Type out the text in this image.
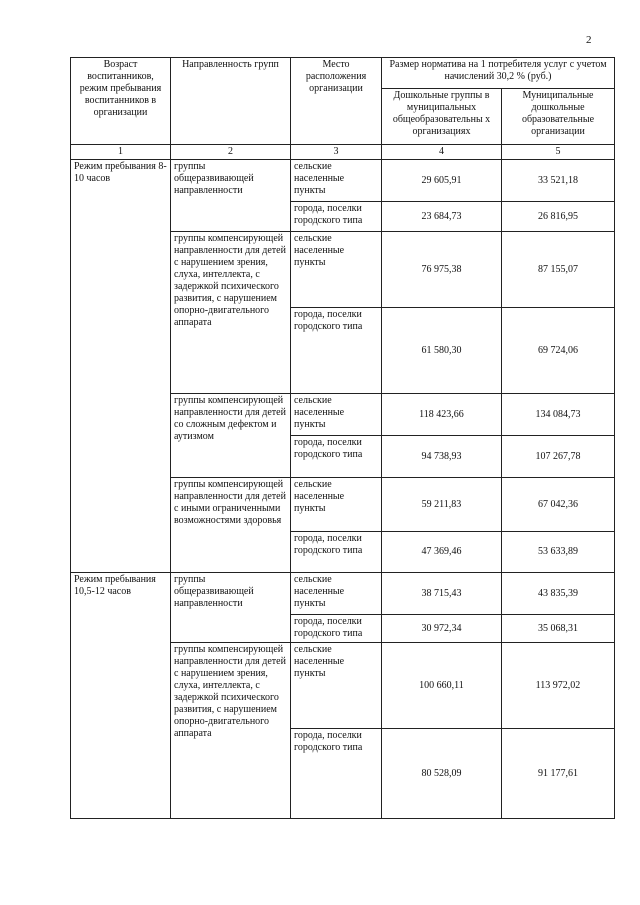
2
Возраст воспитанников, режим пребывания воспитанников в организации	Направленность групп	Место расположения организации	Размер норматива на 1 потребителя услуг с учетом начислений 30,2 % (руб.)	
			Дошкольные группы в муниципальных общеобразовательны х организациях	Муниципальные дошкольные образовательные организации
1	2	3	4	5
Режим пребывания 8-10 часов	группы общеразвивающей направленности	сельские населенные пункты	29 605,91	33 521,18
		города, поселки городского типа	23 684,73	26 816,95
	группы компенсирующей направленности для детей с нарушением зрения, слуха, интеллекта, с задержкой психического развития, с нарушением опорно-двигательного аппарата	сельские населенные пункты	76 975,38	87 155,07
		города, поселки городского типа	61 580,30	69 724,06
	группы компенсирующей направленности для детей со сложным дефектом и аутизмом	сельские населенные пункты	118 423,66	134 084,73
		города, поселки городского типа	94 738,93	107 267,78
	группы компенсирующей направленности для детей с иными ограниченными возможностями здоровья	сельские населенные пункты	59 211,83	67 042,36
		города, поселки городского типа	47 369,46	53 633,89
Режим пребывания 10,5-12 часов	группы общеразвивающей направленности	сельские населенные пункты	38 715,43	43 835,39
		города, поселки городского типа	30 972,34	35 068,31
	группы компенсирующей направленности для детей с нарушением зрения, слуха, интеллекта, с задержкой психического развития, с нарушением опорно-двигательного аппарата	сельские населенные пункты	100 660,11	113 972,02
		города, поселки городского типа	80 528,09	91 177,61
